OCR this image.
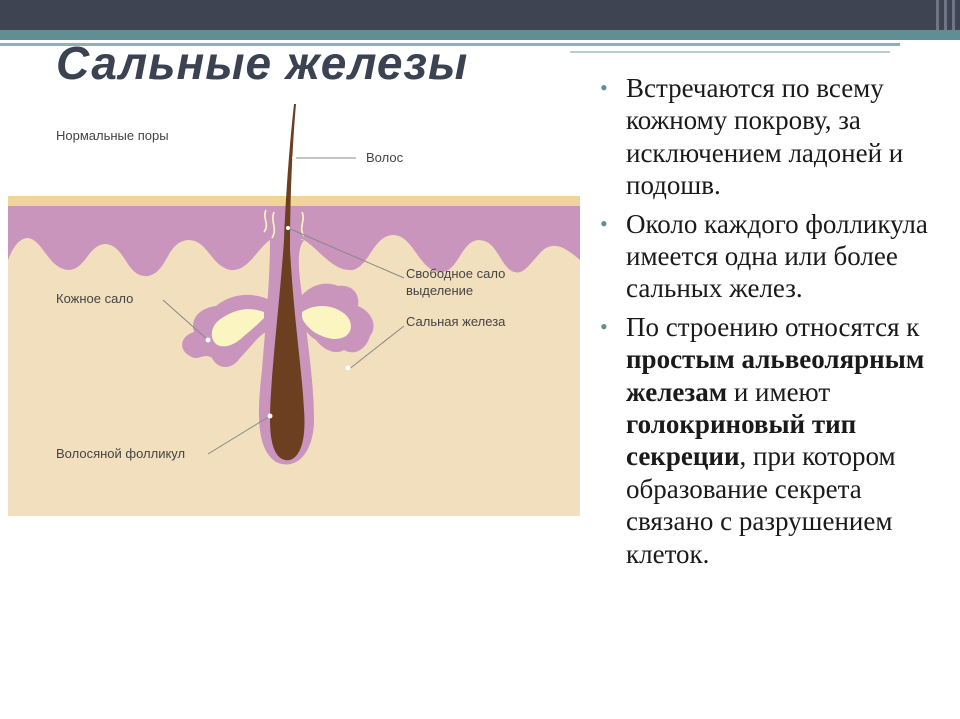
Сальные железы
Нормальные поры
Волос
Свободное сало
выделение
Кожное сало
Сальная железа
Волосяной фолликул
• Встречаются по всему кожному покрову, за исключением ладоней и подошв.
• Около каждого фолликула имеется одна или более сальных желез.
• По строению относятся к простым альвеолярным железам и имеют голокриновый тип секреции, при котором образование секрета связано с разрушением клеток.
